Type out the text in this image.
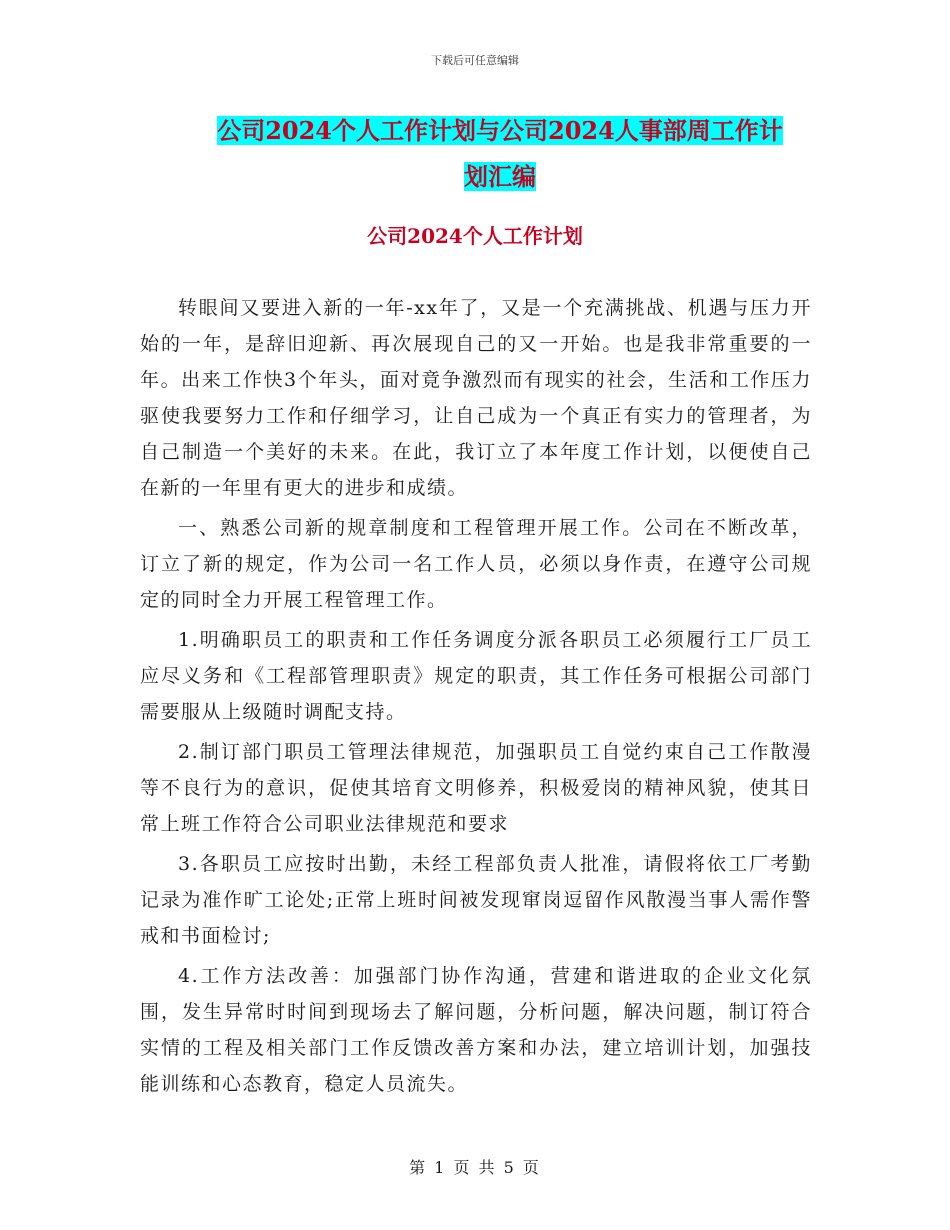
下载后可任意编辑
公司2024个人工作计划与公司2024人事部周工作计
划汇编
公司2024个人工作计划

转眼间又要进入新的一年-xx年了，又是一个充满挑战、机遇与压力开始的一年，是辞旧迎新、再次展现自己的又一开始。也是我非常重要的一年。出来工作快3个年头，面对竟争激烈而有现实的社会，生活和工作压力驱使我要努力工作和仔细学习，让自己成为一个真正有实力的管理者，为自己制造一个美好的未来。在此，我订立了本年度工作计划，以便使自己在新的一年里有更大的进步和成绩。

一、熟悉公司新的规章制度和工程管理开展工作。公司在不断改革，订立了新的规定，作为公司一名工作人员，必须以身作责，在遵守公司规定的同时全力开展工程管理工作。

1.明确职员工的职责和工作任务调度分派各职员工必须履行工厂员工应尽义务和《工程部管理职责》规定的职责，其工作任务可根据公司部门需要服从上级随时调配支持。

2.制订部门职员工管理法律规范，加强职员工自觉约束自己工作散漫等不良行为的意识，促使其培育文明修养，积极爱岗的精神风貌，使其日常上班工作符合公司职业法律规范和要求

3.各职员工应按时出勤，未经工程部负责人批准，请假将依工厂考勤记录为准作旷工论处;正常上班时间被发现窜岗逗留作风散漫当事人需作警戒和书面检讨;

4.工作方法改善：加强部门协作沟通，营建和谐进取的企业文化氛围，发生异常时时间到现场去了解问题，分析问题，解决问题，制订符合实情的工程及相关部门工作反馈改善方案和办法，建立培训计划，加强技能训练和心态教育，稳定人员流失。

第 1 页 共 5 页
